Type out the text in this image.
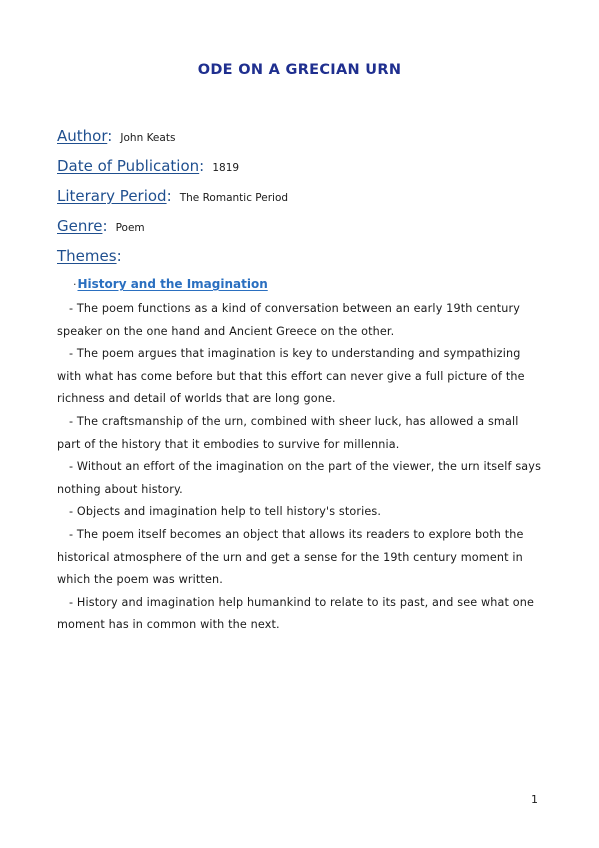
ODE ON A GRECIAN URN
Author: John Keats
Date of Publication: 1819
Literary Period: The Romantic Period
Genre: Poem
Themes:
·History and the Imagination

- The poem functions as a kind of conversation between an early 19th century speaker on the one hand and Ancient Greece on the other.

- The poem argues that imagination is key to understanding and sympathizing with what has come before but that this effort can never give a full picture of the richness and detail of worlds that are long gone.

- The craftsmanship of the urn, combined with sheer luck, has allowed a small part of the history that it embodies to survive for millennia.

- Without an effort of the imagination on the part of the viewer, the urn itself says nothing about history.

- Objects and imagination help to tell history's stories.

- The poem itself becomes an object that allows its readers to explore both the historical atmosphere of the urn and get a sense for the 19th century moment in which the poem was written.

- History and imagination help humankind to relate to its past, and see what one moment has in common with the next.

1
